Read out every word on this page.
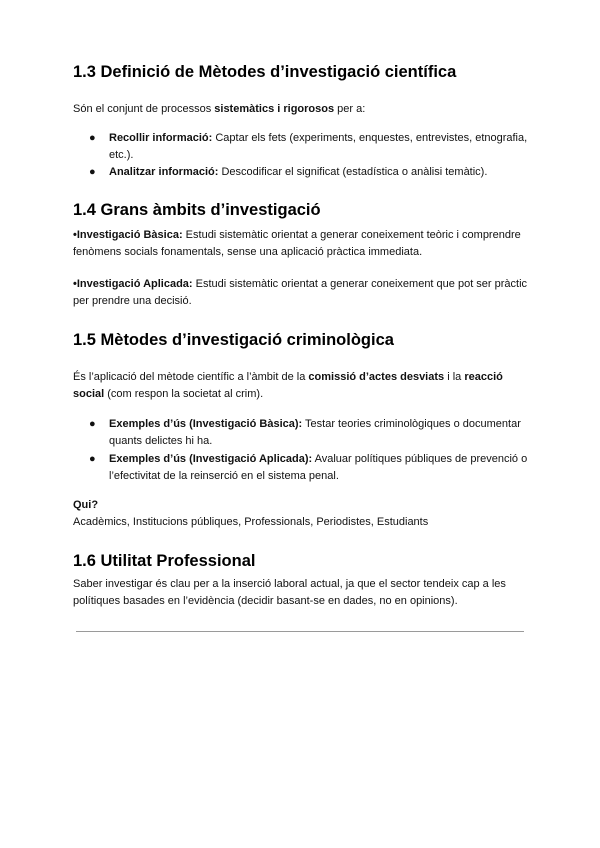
1.3 Definició de Mètodes d’investigació científica

Són el conjunt de processos sistemàtics i rigorosos per a:

● Recollir informació: Captar els fets (experiments, enquestes, entrevistes, etnografia, etc.).
● Analitzar informació: Descodificar el significat (estadística o anàlisi temàtic).
1.4 Grans àmbits d’investigació

•Investigació Bàsica: Estudi sistemàtic orientat a generar coneixement teòric i comprendre fenòmens socials fonamentals, sense una aplicació pràctica immediata.

•Investigació Aplicada: Estudi sistemàtic orientat a generar coneixement que pot ser pràctic per prendre una decisió.

1.5 Mètodes d’investigació criminològica

És l’aplicació del mètode científic a l’àmbit de la comissió d’actes desviats i la reacció social (com respon la societat al crim).

● Exemples d’ús (Investigació Bàsica): Testar teories criminològiques o documentar quants delictes hi ha.
● Exemples d’ús (Investigació Aplicada): Avaluar polítiques públiques de prevenció o l’efectivitat de la reinserció en el sistema penal.

Qui?

Acadèmics, Institucions públiques, Professionals, Periodistes, Estudiants

1.6 Utilitat Professional

Saber investigar és clau per a la inserció laboral actual, ja que el sector tendeix cap a les polítiques basades en l’evidència (decidir basant-se en dades, no en opinions).
